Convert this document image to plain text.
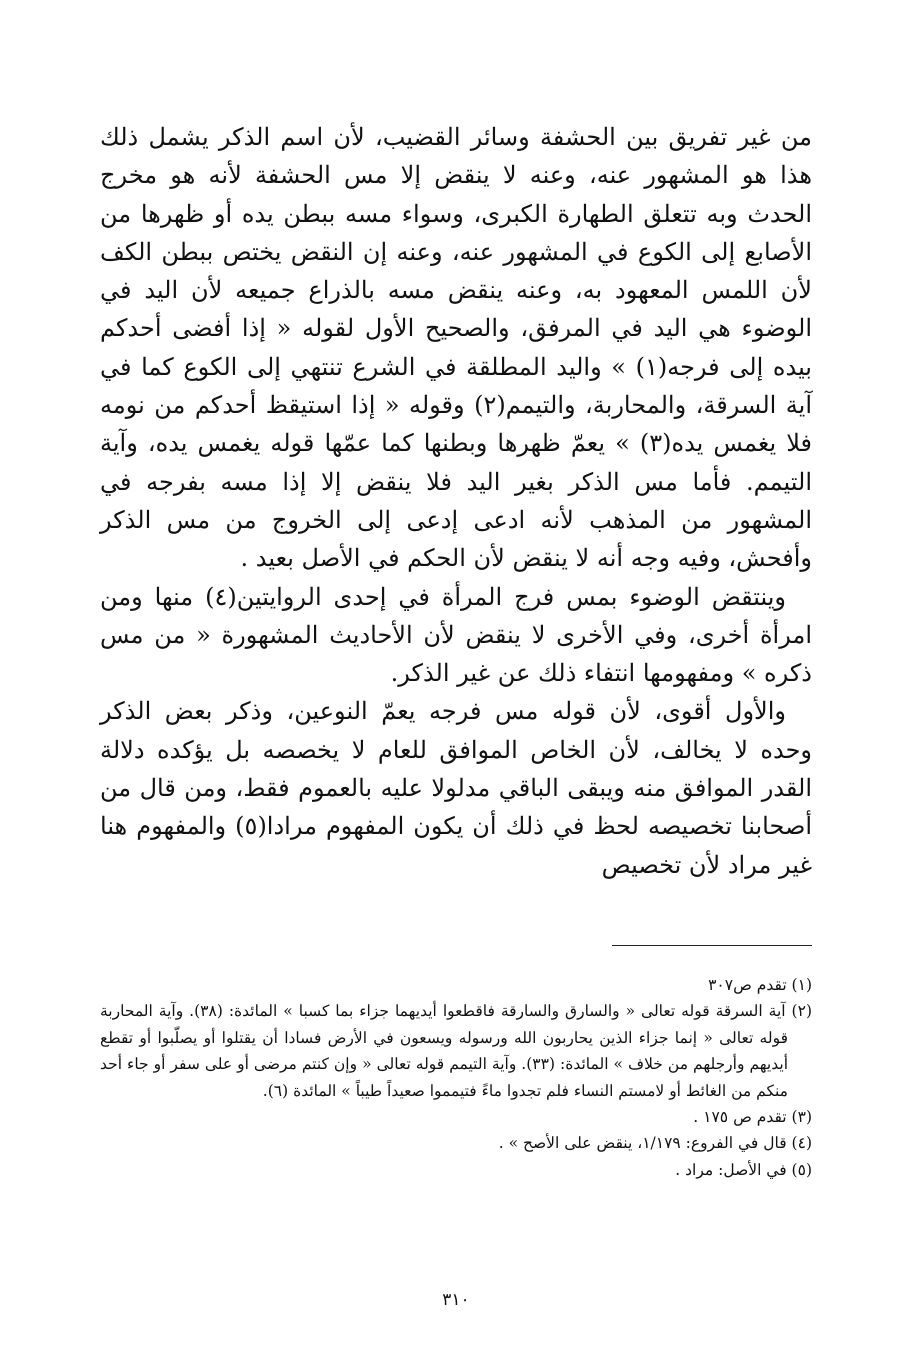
من غير تفريق بين الحشفة وسائر القضيب، لأن اسم الذكر يشمل ذلك هذا هو المشهور عنه، وعنه لا ينقض إلا مس الحشفة لأنه هو مخرج الحدث وبه تتعلق الطهارة الكبرى، وسواء مسه ببطن يده أو ظهرها من الأصابع إلى الكوع في المشهور عنه، وعنه إن النقض يختص ببطن الكف لأن اللمس المعهود به، وعنه ينقض مسه بالذراع جميعه لأن اليد في الوضوء هي اليد في المرفق، والصحيح الأول لقوله « إذا أفضى أحدكم بيده إلى فرجه(١) » واليد المطلقة في الشرع تنتهي إلى الكوع كما في آية السرقة، والمحاربة، والتيمم(٢) وقوله « إذا استيقظ أحدكم من نومه فلا يغمس يده(٣) » يعمّ ظهرها وبطنها كما عمّها قوله يغمس يده، وآية التيمم. فأما مس الذكر بغير اليد فلا ينقض إلا إذا مسه بفرجه في المشهور من المذهب لأنه ادعى إدعى إلى الخروج من مس الذكر وأفحش، وفيه وجه أنه لا ينقض لأن الحكم في الأصل بعيد .

وينتقض الوضوء بمس فرج المرأة في إحدى الروايتين(٤) منها ومن امرأة أخرى، وفي الأخرى لا ينقض لأن الأحاديث المشهورة « من مس ذكره » ومفهومها انتفاء ذلك عن غير الذكر.

والأول أقوى، لأن قوله مس فرجه يعمّ النوعين، وذكر بعض الذكر وحده لا يخالف، لأن الخاص الموافق للعام لا يخصصه بل يؤكده دلالة القدر الموافق منه ويبقى الباقي مدلولا عليه بالعموم فقط، ومن قال من أصحابنا تخصيصه لحظ في ذلك أن يكون المفهوم مرادا(٥) والمفهوم هنا غير مراد لأن تخصيص

(١) تقدم ص٣٠٧

(٢) آية السرقة قوله تعالى « والسارق والسارقة فاقطعوا أيديهما جزاء بما كسبا » المائدة: (٣٨). وآية المحاربة قوله تعالى « إنما جزاء الذين يحاربون الله ورسوله ويسعون في الأرض فسادا أن يقتلوا أو يصلّبوا أو تقطع أيديهم وأرجلهم من خلاف » المائدة: (٣٣). وآية التيمم قوله تعالى « وإن كنتم مرضى أو على سفر أو جاء أحد منكم من الغائط أو لامستم النساء فلم تجدوا ماءً فتيمموا صعيداً طيباً » المائدة (٦).

(٣) تقدم ص ١٧٥ .

(٤) قال في الفروع: ١/١٧٩، ينقض على الأصح » .

(٥) في الأصل: مراد .

٣١٠
